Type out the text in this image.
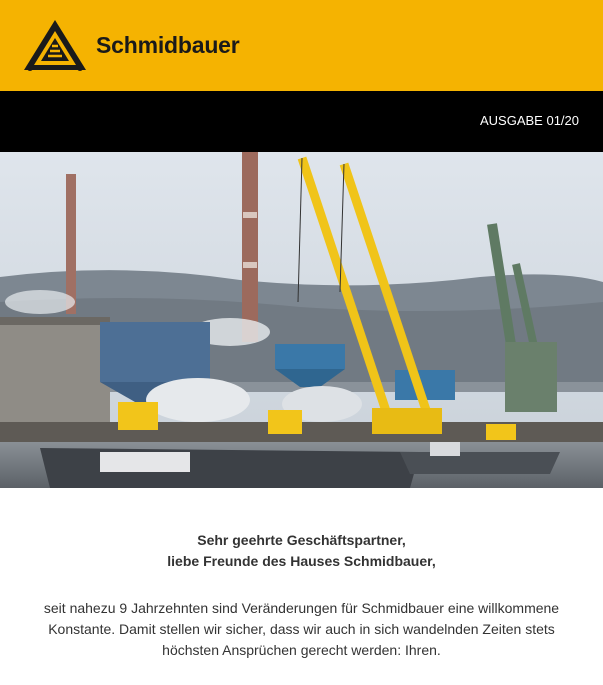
Schmidbauer
AUSGABE 01/20
Sehr geehrte Geschäftspartner,
liebe Freunde des Hauses Schmidbauer,
seit nahezu 9 Jahrzehnten sind Veränderungen für Schmidbauer eine willkommene Konstante. Damit stellen wir sicher, dass wir auch in sich wandelnden Zeiten stets höchsten Ansprüchen gerecht werden: Ihren.
